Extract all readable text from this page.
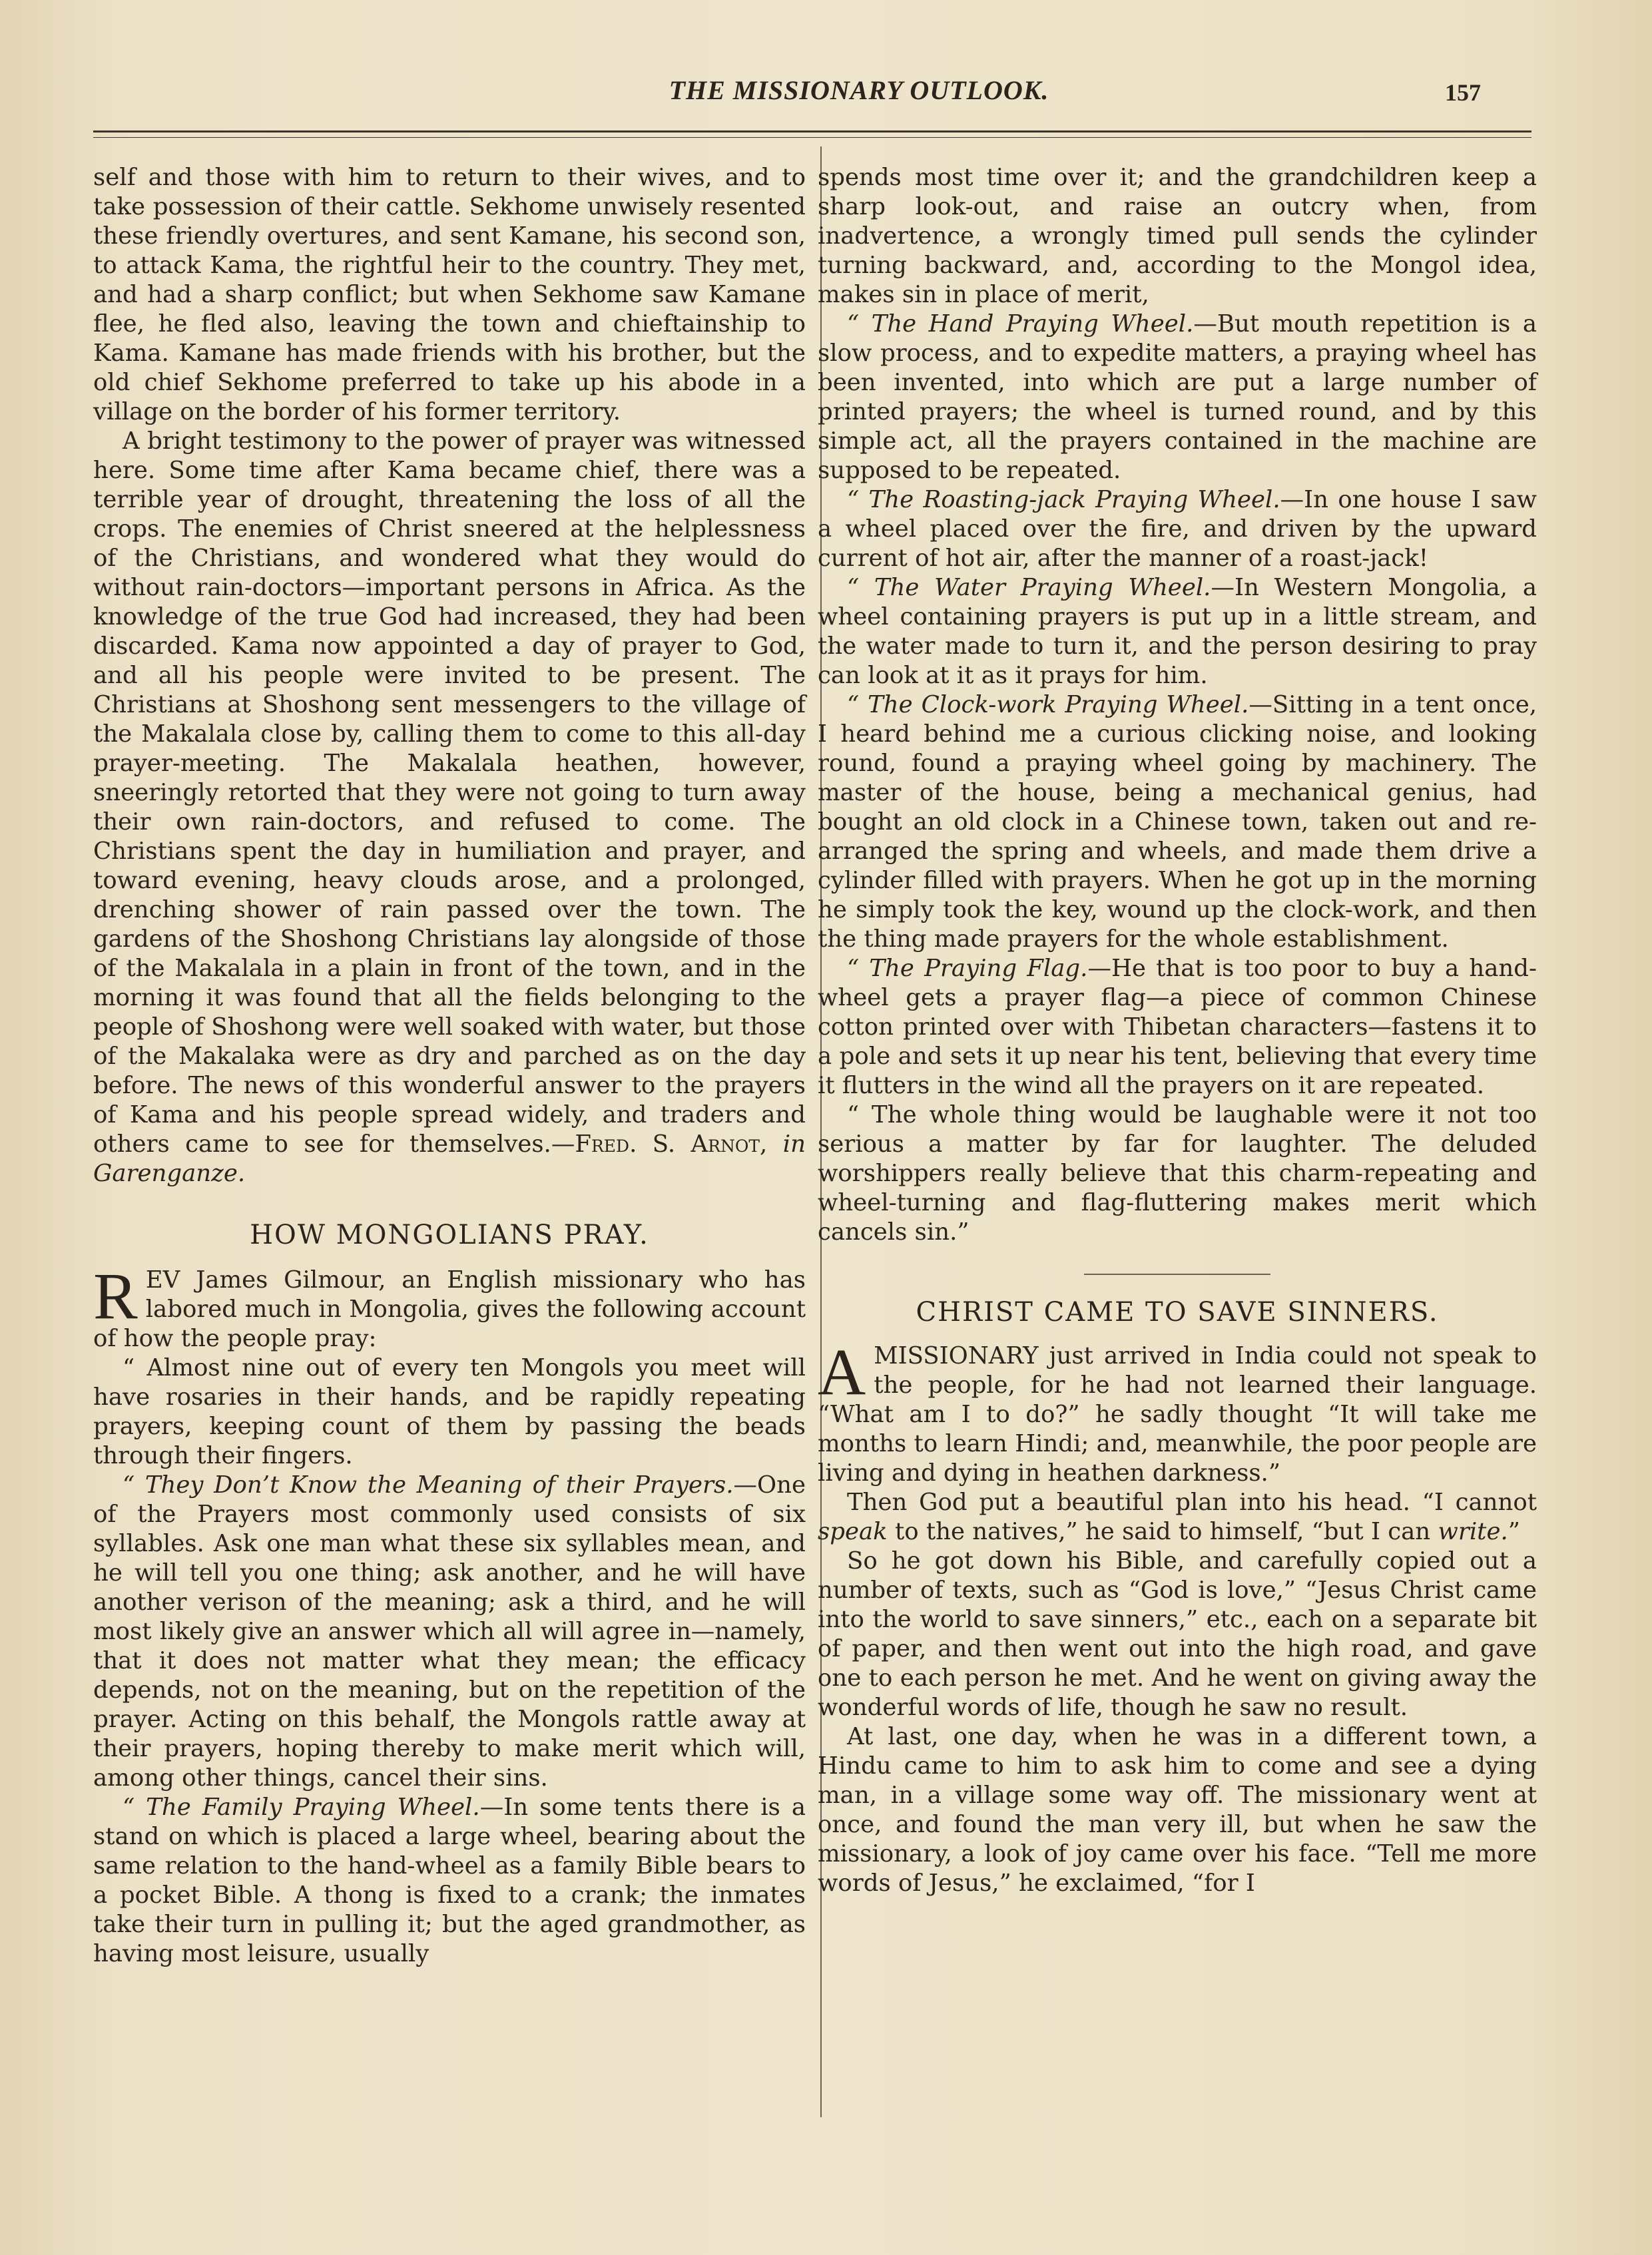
THE MISSIONARY OUTLOOK.	157

self and those with him to return to their wives, and to take possession of their cattle. Sekhome unwisely resented these friendly overtures, and sent Kamane, his second son, to attack Kama, the rightful heir to the country. They met, and had a sharp conflict; but when Sekhome saw Kamane flee, he fled also, leaving the town and chieftainship to Kama. Kamane has made friends with his brother, but the old chief Sekhome preferred to take up his abode in a village on the border of his former territory.

A bright testimony to the power of prayer was witnessed here. Some time after Kama became chief, there was a terrible year of drought, threatening the loss of all the crops. The enemies of Christ sneered at the helplessness of the Christians, and wondered what they would do without rain-doctors—important persons in Africa. As the knowledge of the true God had increased, they had been discarded. Kama now appointed a day of prayer to God, and all his people were invited to be present. The Christians at Shoshong sent messengers to the village of the Makalala close by, calling them to come to this all-day prayer-meeting. The Makalala heathen, however, sneeringly retorted that they were not going to turn away their own rain-doctors, and refused to come. The Christians spent the day in humiliation and prayer, and toward evening, heavy clouds arose, and a prolonged, drenching shower of rain passed over the town. The gardens of the Shoshong Christians lay alongside of those of the Makalala in a plain in front of the town, and in the morning it was found that all the fields belonging to the people of Shoshong were well soaked with water, but those of the Makalaka were as dry and parched as on the day before. The news of this wonderful answer to the prayers of Kama and his people spread widely, and traders and others came to see for themselves.—Fred. S. Arnot, in Garenganze.

HOW MONGOLIANS PRAY.

REV James Gilmour, an English missionary who has labored much in Mongolia, gives the following account of how the people pray:

“ Almost nine out of every ten Mongols you meet will have rosaries in their hands, and be rapidly repeating prayers, keeping count of them by passing the beads through their fingers.

“ They Don’t Know the Meaning of their Prayers.—One of the Prayers most commonly used consists of six syllables. Ask one man what these six syllables mean, and he will tell you one thing; ask another, and he will have another verison of the meaning; ask a third, and he will most likely give an answer which all will agree in—namely, that it does not matter what they mean; the efficacy depends, not on the meaning, but on the repetition of the prayer. Acting on this behalf, the Mongols rattle away at their prayers, hoping thereby to make merit which will, among other things, cancel their sins.

“ The Family Praying Wheel.—In some tents there is a stand on which is placed a large wheel, bearing about the same relation to the hand-wheel as a family Bible bears to a pocket Bible. A thong is fixed to a crank; the inmates take their turn in pulling it; but the aged grandmother, as having most leisure, usually

spends most time over it; and the grandchildren keep a sharp look-out, and raise an outcry when, from inadvertence, a wrongly timed pull sends the cylinder turning backward, and, according to the Mongol idea, makes sin in place of merit,

“ The Hand Praying Wheel.—But mouth repetition is a slow process, and to expedite matters, a praying wheel has been invented, into which are put a large number of printed prayers; the wheel is turned round, and by this simple act, all the prayers contained in the machine are supposed to be repeated.

“ The Roasting-jack Praying Wheel.—In one house I saw a wheel placed over the fire, and driven by the upward current of hot air, after the manner of a roast-jack!

“ The Water Praying Wheel.—In Western Mongolia, a wheel containing prayers is put up in a little stream, and the water made to turn it, and the person desiring to pray can look at it as it prays for him.

“ The Clock-work Praying Wheel.—Sitting in a tent once, I heard behind me a curious clicking noise, and looking round, found a praying wheel going by machinery. The master of the house, being a mechanical genius, had bought an old clock in a Chinese town, taken out and re-arranged the spring and wheels, and made them drive a cylinder filled with prayers. When he got up in the morning he simply took the key, wound up the clock-work, and then the thing made prayers for the whole establishment.

“ The Praying Flag.—He that is too poor to buy a hand-wheel gets a prayer flag—a piece of common Chinese cotton printed over with Thibetan characters—fastens it to a pole and sets it up near his tent, believing that every time it flutters in the wind all the prayers on it are repeated.

“ The whole thing would be laughable were it not too serious a matter by far for laughter. The deluded worshippers really believe that this charm-repeating and wheel-turning and flag-fluttering makes merit which cancels sin.”

CHRIST CAME TO SAVE SINNERS.

AMISSIONARY just arrived in India could not speak to the people, for he had not learned their language. “What am I to do?” he sadly thought “It will take me months to learn Hindi; and, meanwhile, the poor people are living and dying in heathen darkness.”

Then God put a beautiful plan into his head. “I cannot speak to the natives,” he said to himself, “but I can write.”

So he got down his Bible, and carefully copied out a number of texts, such as “God is love,” “Jesus Christ came into the world to save sinners,” etc., each on a separate bit of paper, and then went out into the high road, and gave one to each person he met. And he went on giving away the wonderful words of life, though he saw no result.

At last, one day, when he was in a different town, a Hindu came to him to ask him to come and see a dying man, in a village some way off. The missionary went at once, and found the man very ill, but when he saw the missionary, a look of joy came over his face. “Tell me more words of Jesus,” he exclaimed, “for I
